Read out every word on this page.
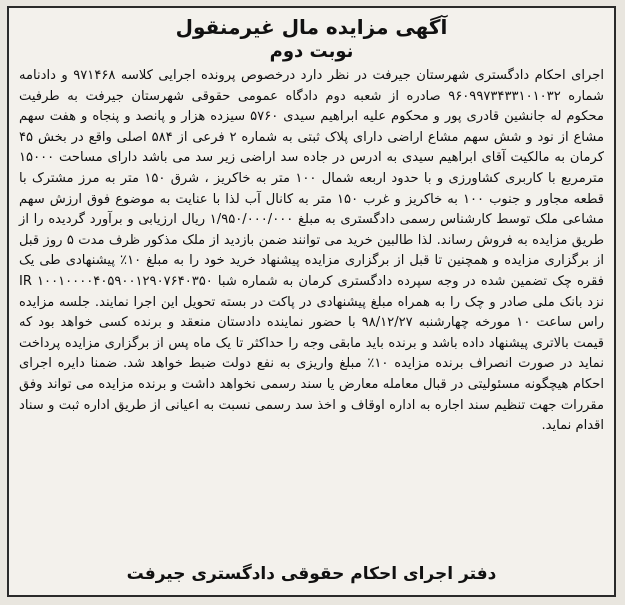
آگهی مزایده مال غیرمنقول
نوبت دوم

اجرای احکام دادگستری شهرستان جیرفت در نظر دارد درخصوص پرونده اجرایی کلاسه ۹۷۱۴۶۸ و دادنامه شماره ۹۶۰۹۹۷۳۴۳۳۱۰۱۰۳۲ صادره از شعبه دوم دادگاه عمومی حقوقی شهرستان جیرفت به طرفیت محکوم له جانشین قادری پور و محکوم علیه ابراهیم سیدی ۵۷۶۰ سیزده هزار و پانصد و پنجاه و هفت سهم مشاع از نود و شش سهم مشاع اراضی دارای پلاک ثبتی به شماره ۲ فرعی از ۵۸۴ اصلی واقع در بخش ۴۵ کرمان به مالکیت آقای ابراهیم سیدی به ادرس در جاده سد اراضی زیر سد می باشد دارای مساحت ۱۵۰۰۰ مترمربع با کاربری کشاورزی و با حدود اربعه شمال ۱۰۰ متر به خاکریز ، شرق ۱۵۰ متر به مرز مشترک با قطعه مجاور و جنوب ۱۰۰ به خاکریز و غرب ۱۵۰ متر به کانال آب لذا با عنایت به موضوع فوق ارزش سهم مشاعی ملک توسط کارشناس رسمی دادگستری به مبلغ ۱/۹۵۰/۰۰۰/۰۰۰ ریال ارزیابی و برآورد گردیده را از طریق مزایده به فروش رساند. لذا طالبین خرید می توانند ضمن بازدید از ملک مذکور ظرف مدت ۵ روز قبل از برگزاری مزایده و همچنین تا قبل از برگزاری مزایده پیشنهاد خرید خود را به مبلغ ۱۰٪ پیشنهادی طی یک فقره چک تضمین شده در وجه سپرده دادگستری کرمان به شماره شبا IR ۱۰۰۱۰۰۰۰۴۰۵۹۰۰۱۲۹۰۷۶۴۰۳۵۰ نزد بانک ملی صادر و چک را به همراه مبلغ پیشنهادی در پاکت در بسته تحویل این اجرا نمایند. جلسه مزایده راس ساعت ۱۰ مورخه چهارشنبه ۹۸/۱۲/۲۷ با حضور نماینده دادستان منعقد و برنده کسی خواهد بود که قیمت بالاتری پیشنهاد داده باشد و برنده باید مابقی وجه را حداکثر تا یک ماه پس از برگزاری مزایده پرداخت نماید در صورت انصراف برنده مزایده ۱۰٪ مبلغ واریزی به نفع دولت ضبط خواهد شد. ضمنا دایره اجرای احکام هیچگونه مسئولیتی در قبال معامله معارض یا سند رسمی نخواهد داشت و برنده مزایده می تواند وفق مقررات جهت تنظیم سند اجاره به اداره اوقاف و اخذ سد رسمی نسبت به اعیانی از طریق اداره ثبت و سناد اقدام نماید.

دفتر اجرای احکام حقوقی دادگستری جیرفت
